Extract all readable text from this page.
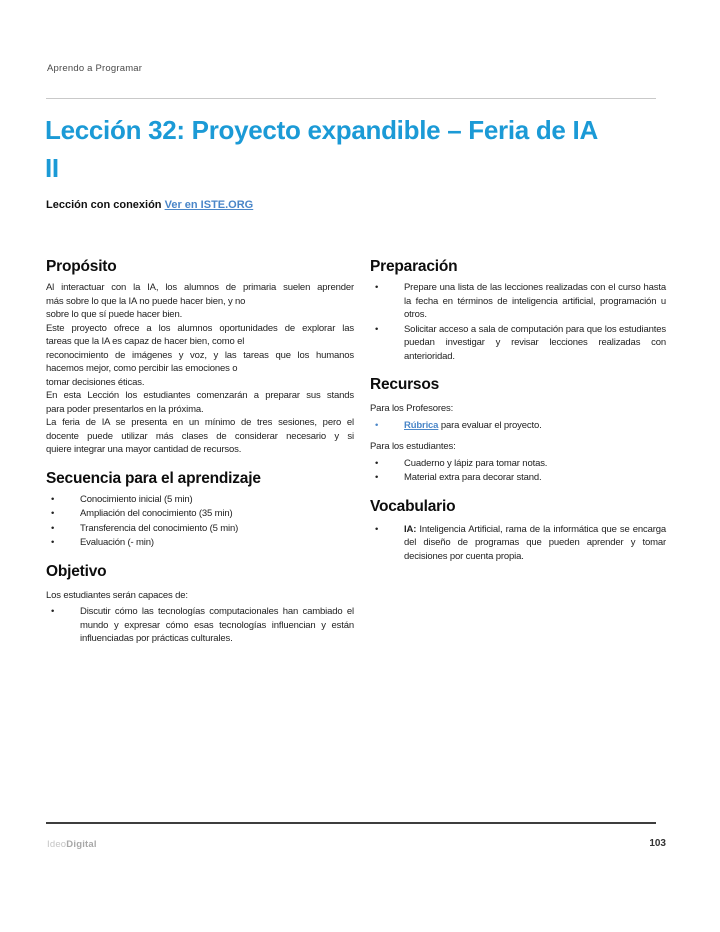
Aprendo a Programar
Lección 32: Proyecto expandible – Feria de IA
II
Lección con conexión Ver en ISTE.ORG
Propósito
Al interactuar con la IA, los alumnos de primaria suelen aprender
más sobre lo que la IA no puede hacer bien, y no
sobre lo que sí puede hacer bien.
Este proyecto ofrece a los alumnos oportunidades de explorar las
tareas que la IA es capaz de hacer bien, como el
reconocimiento de imágenes y voz, y las tareas que los humanos
hacemos mejor, como percibir las emociones o
tomar decisiones éticas.
En esta Lección los estudiantes comenzarán a preparar sus stands
para poder presentarlos en la próxima.
La feria de IA se presenta en un mínimo de tres sesiones, pero el
docente puede utilizar más clases de considerar necesario y si
quiere integrar una mayor cantidad de recursos.
Secuencia para el aprendizaje
•
Conocimiento inicial (5 min)
•
Ampliación del conocimiento (35 min)
•
Transferencia del conocimiento (5 min)
•
Evaluación (- min)
Objetivo
Los estudiantes serán capaces de:
•
Discutir cómo las tecnologías computacionales han cambiado el mundo y expresar cómo esas tecnologías influencian y están influenciadas por prácticas culturales.
Preparación
•
Prepare una lista de las lecciones realizadas con el curso hasta la fecha en términos de inteligencia artificial, programación u otros.
•
Solicitar acceso a sala de computación para que los estudiantes puedan investigar y revisar lecciones realizadas con anterioridad.
Recursos
Para los Profesores:
•
Rúbrica para evaluar el proyecto.
Para los estudiantes:
•
Cuaderno y lápiz para tomar notas.
•
Material extra para decorar stand.
Vocabulario
•
IA: Inteligencia Artificial, rama de la informática que se encarga del diseño de programas que pueden aprender y tomar decisiones por cuenta propia.
IdeoDigital	103
